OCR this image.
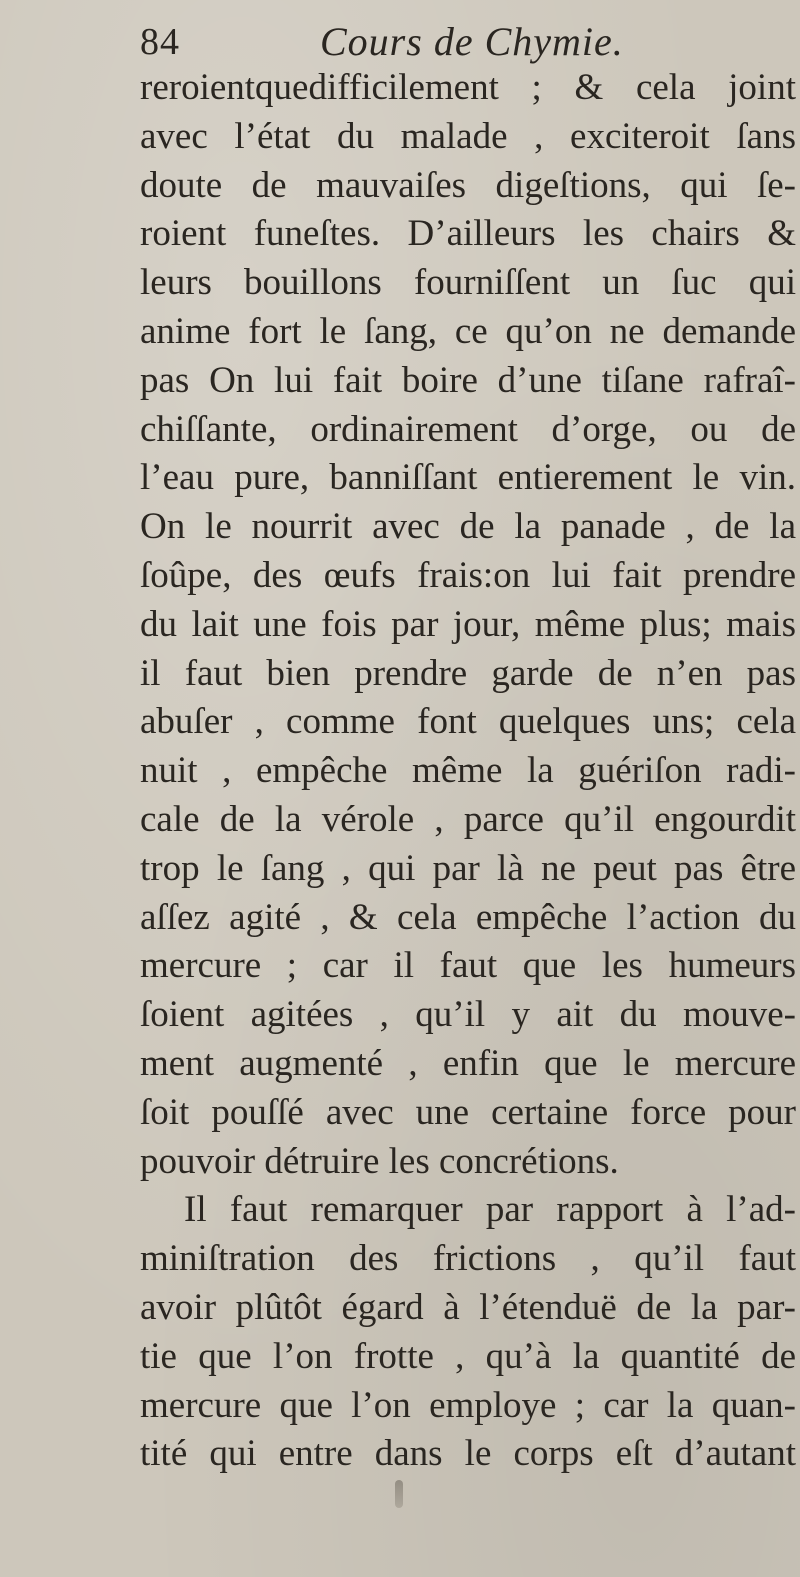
84	Cours de Chymie.
reroientquedifficilement ; & cela joint
avec l’état du malade , exciteroit ſans
doute de mauvaiſes digeſtions, qui ſe-
roient funeſtes. D’ailleurs les chairs &
leurs bouillons fourniſſent un ſuc qui
anime fort le ſang, ce qu’on ne demande
pas On lui fait boire d’une tiſane rafraî-
chiſſante, ordinairement d’orge, ou de
l’eau pure, banniſſant entierement le vin.
On le nourrit avec de la panade , de la
ſoûpe, des œufs frais:on lui fait prendre
du lait une fois par jour, même plus; mais
il faut bien prendre garde de n’en pas
abuſer , comme font quelques uns; cela
nuit , empêche même la guériſon radi-
cale de la vérole , parce qu’il engourdit
trop le ſang , qui par là ne peut pas être
aſſez agité , & cela empêche l’action du
mercure ; car il faut que les humeurs
ſoient agitées , qu’il y ait du mouve-
ment augmenté , enfin que le mercure
ſoit pouſſé avec une certaine force pour
pouvoir détruire les concrétions.
Il faut remarquer par rapport à l’ad-
miniſtration des frictions , qu’il faut
avoir plûtôt égard à l’étenduë de la par-
tie que l’on frotte , qu’à la quantité de
mercure que l’on employe ; car la quan-
tité qui entre dans le corps eſt d’autant
